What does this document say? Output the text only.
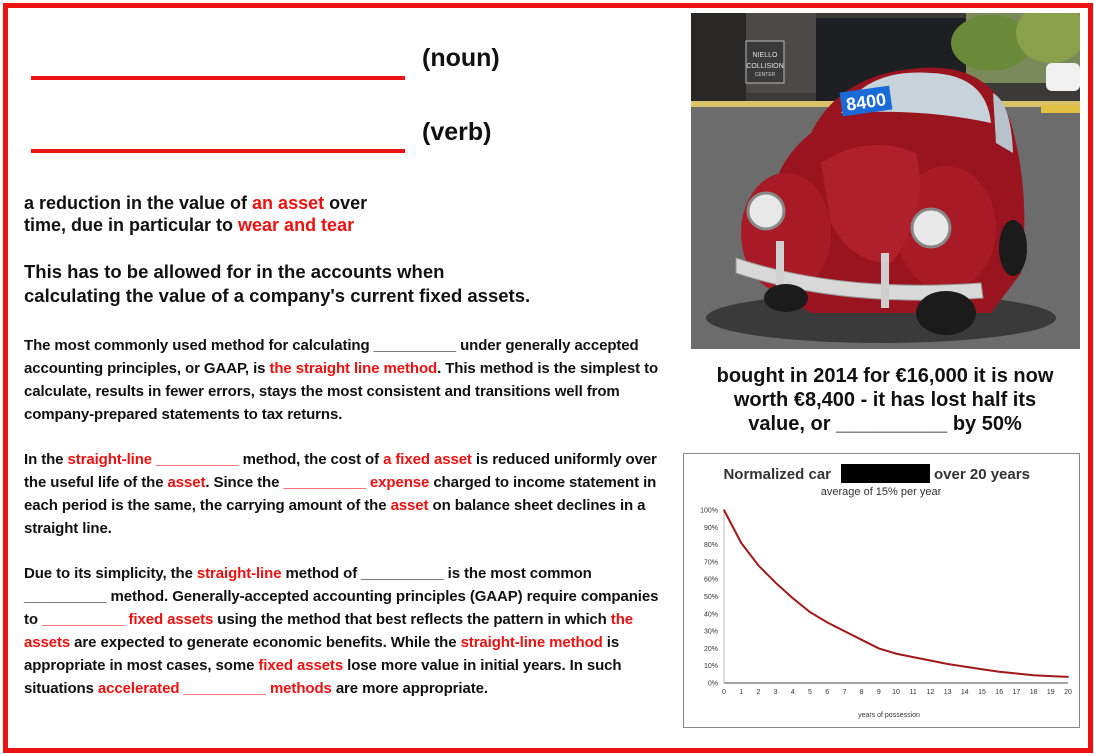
(noun)
(verb)
a reduction in the value of an asset over
time, due in particular to wear and tear
This has to be allowed for in the accounts when
calculating the value of a company's current fixed assets.
The most commonly used method for calculating __________ under generally accepted accounting principles, or GAAP, is the straight line method. This method is the simplest to calculate, results in fewer errors, stays the most consistent and transitions well from company-prepared statements to tax returns.
In the straight-line __________ method, the cost of a fixed asset is reduced uniformly over the useful life of the asset. Since the __________ expense charged to income statement in each period is the same, the carrying amount of the asset on balance sheet declines in a straight line.
Due to its simplicity, the straight-line method of __________ is the most common __________ method. Generally-accepted accounting principles (GAAP) require companies to __________ fixed assets using the method that best reflects the pattern in which the assets are expected to generate economic benefits. While the straight-line method is appropriate in most cases, some fixed assets lose more value in initial years. In such situations accelerated __________ methods are more appropriate.
NIELLO
COLLISION
CENTER
8400
bought in 2014 for €16,000 it is now
worth €8,400 - it has lost half its
value, or __________ by 50%
Normalized car	over 20 years
average of 15% per year
years of possession
0%
10%
20%
30%
40%
50%
60%
70%
80%
90%
100%
0 1 2 3 4 5 6 7 8 9 10 11 12 13 14 15 16 17 18 19 20
